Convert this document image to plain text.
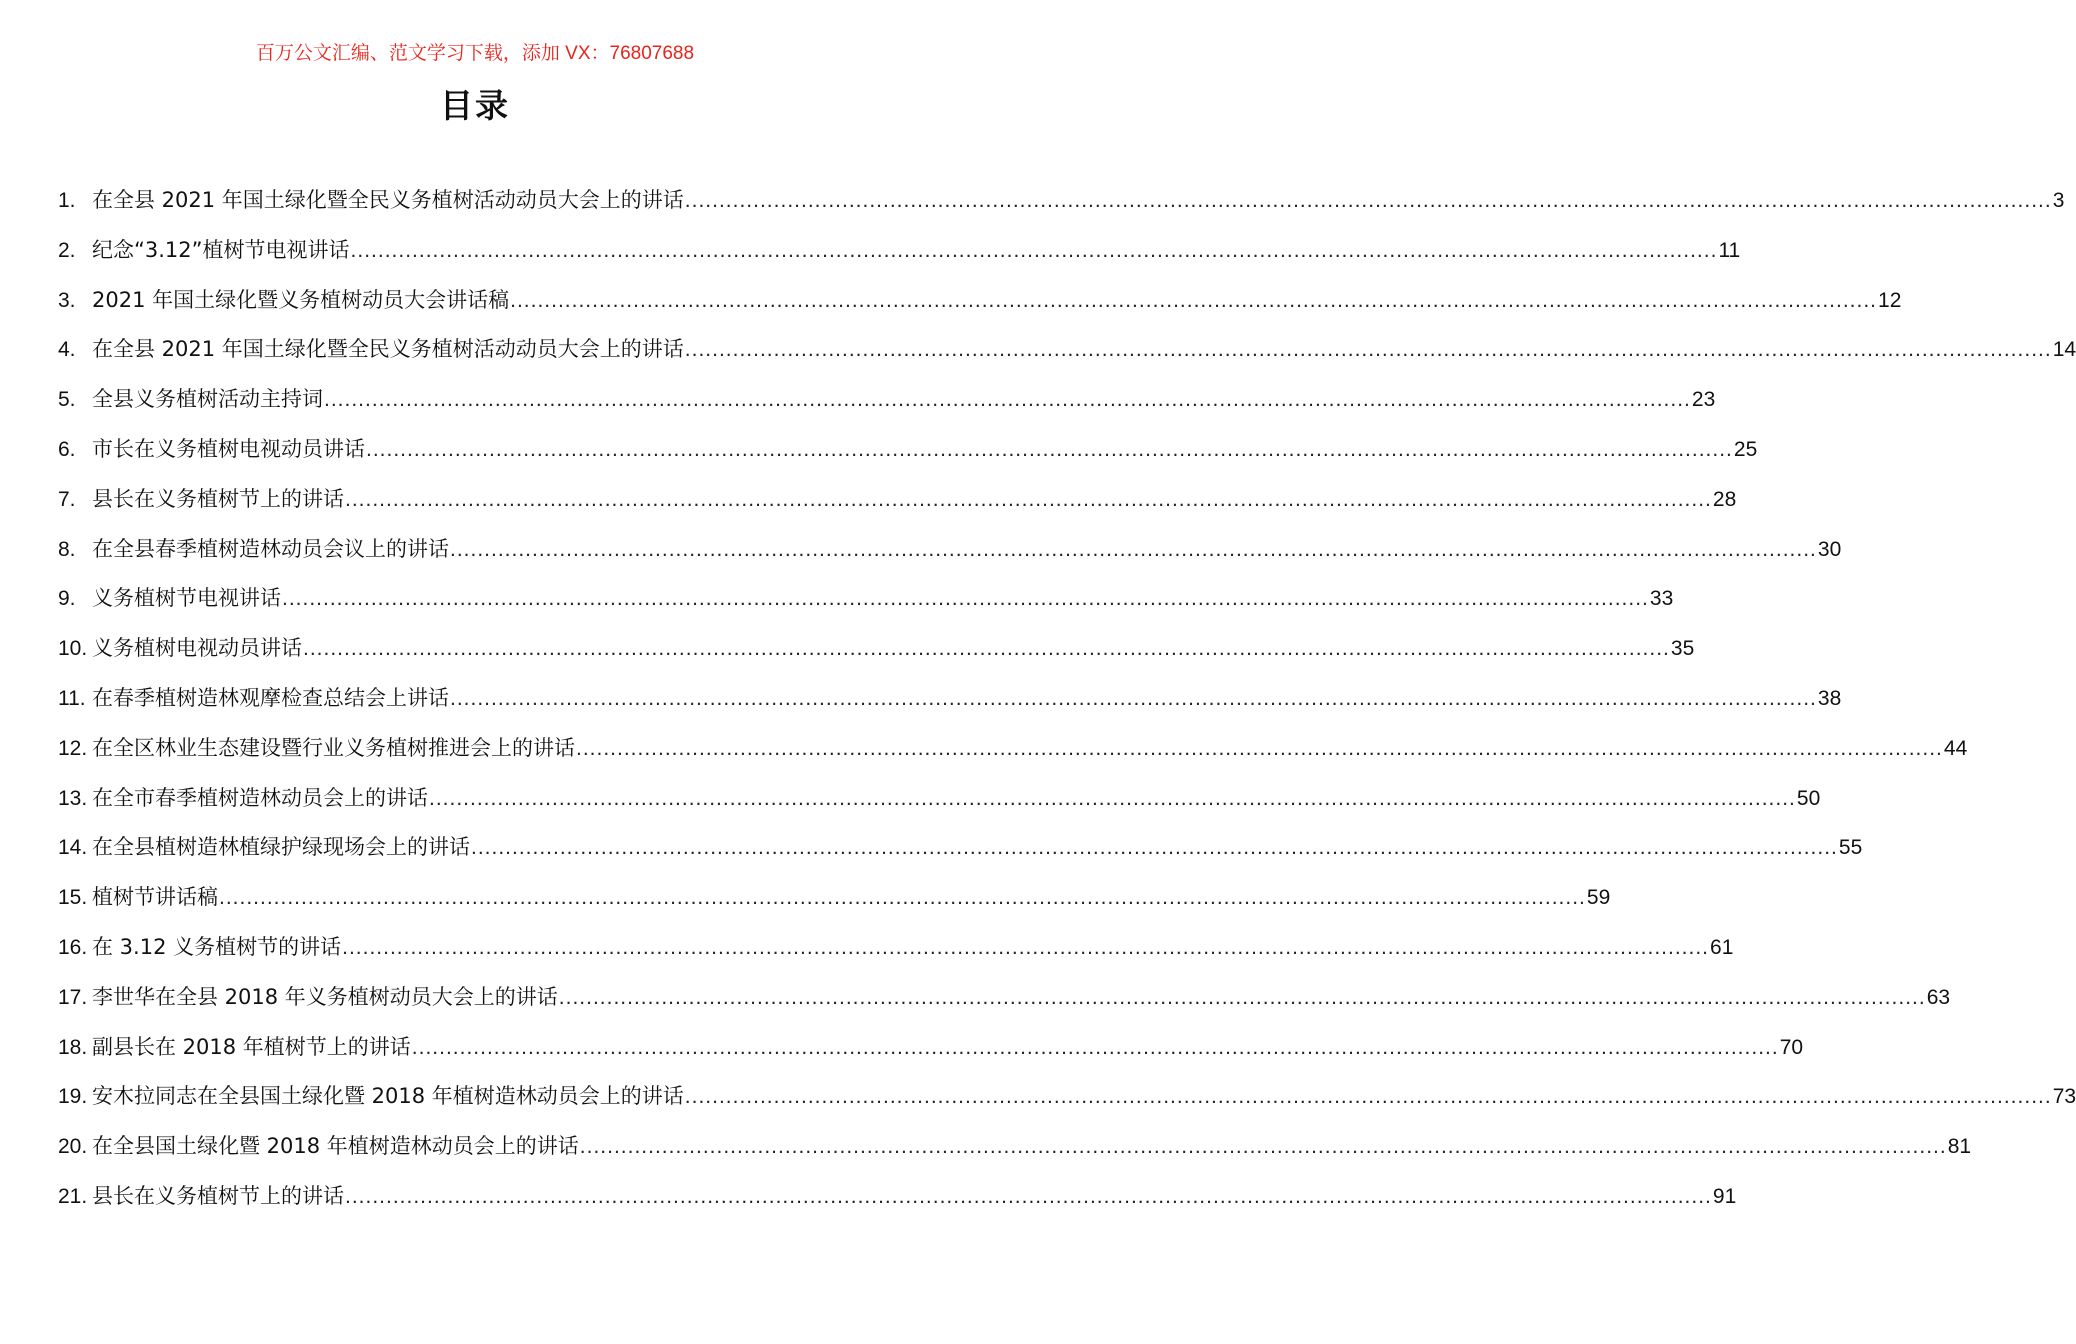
百万公文汇编、范文学习下载，添加 VX：76807688
目录
1. 在全县 2021 年国土绿化暨全民义务植树活动动员大会上的讲话 ........................................................................................................................................................................................................ 3
2. 纪念“3.12”植树节电视讲话 ........................................................................................................................................................................................................ 11
3. 2021 年国土绿化暨义务植树动员大会讲话稿 ........................................................................................................................................................................................................ 12
4. 在全县 2021 年国土绿化暨全民义务植树活动动员大会上的讲话 ........................................................................................................................................................................................................ 14
5. 全县义务植树活动主持词 ........................................................................................................................................................................................................ 23
6. 市长在义务植树电视动员讲话 ........................................................................................................................................................................................................ 25
7. 县长在义务植树节上的讲话 ........................................................................................................................................................................................................ 28
8. 在全县春季植树造林动员会议上的讲话 ........................................................................................................................................................................................................ 30
9. 义务植树节电视讲话 ........................................................................................................................................................................................................ 33
10. 义务植树电视动员讲话 ........................................................................................................................................................................................................ 35
11. 在春季植树造林观摩检查总结会上讲话 ........................................................................................................................................................................................................ 38
12. 在全区林业生态建设暨行业义务植树推进会上的讲话 ........................................................................................................................................................................................................ 44
13. 在全市春季植树造林动员会上的讲话 ........................................................................................................................................................................................................ 50
14. 在全县植树造林植绿护绿现场会上的讲话 ........................................................................................................................................................................................................ 55
15. 植树节讲话稿 ........................................................................................................................................................................................................ 59
16. 在 3.12 义务植树节的讲话 ........................................................................................................................................................................................................ 61
17. 李世华在全县 2018 年义务植树动员大会上的讲话 ........................................................................................................................................................................................................ 63
18. 副县长在 2018 年植树节上的讲话 ........................................................................................................................................................................................................ 70
19. 安木拉同志在全县国土绿化暨 2018 年植树造林动员会上的讲话 ........................................................................................................................................................................................................ 73
20. 在全县国土绿化暨 2018 年植树造林动员会上的讲话 ........................................................................................................................................................................................................ 81
21. 县长在义务植树节上的讲话 ........................................................................................................................................................................................................ 91
